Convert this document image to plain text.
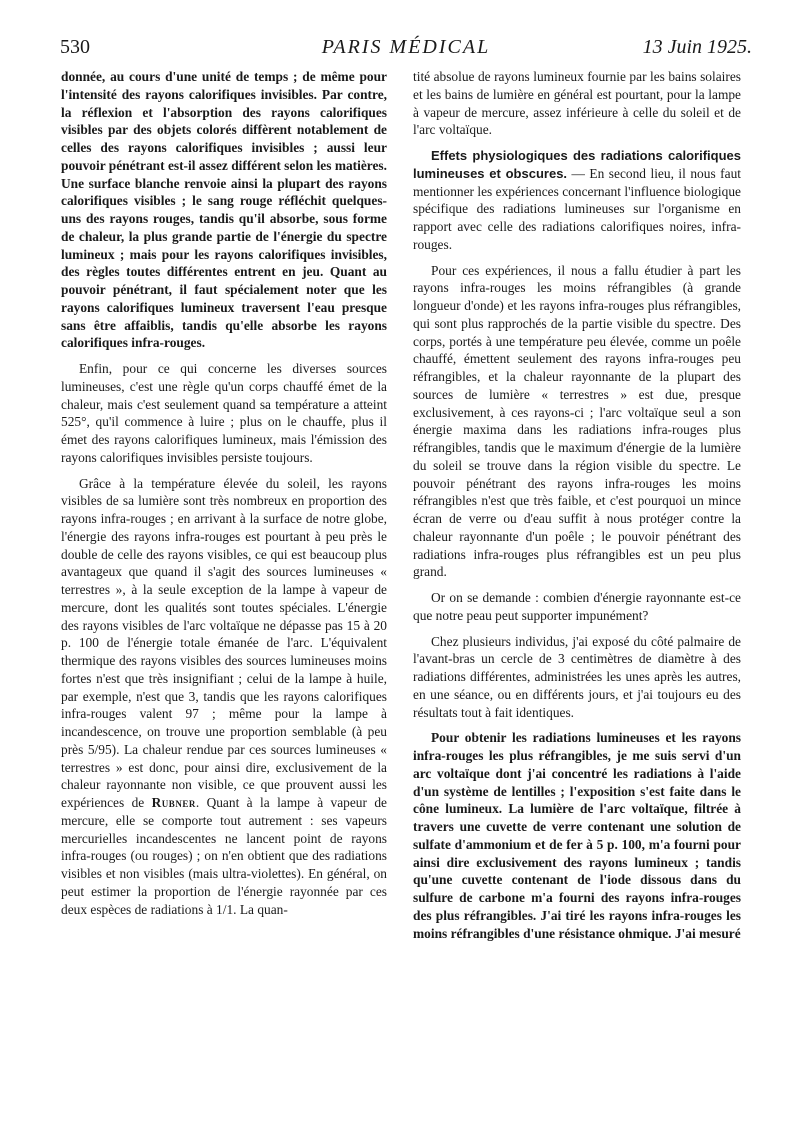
530	PARIS MÉDICAL	13 Juin 1925.

donnée, au cours d'une unité de temps ; de même pour l'intensité des rayons calorifiques invisibles. Par contre, la réflexion et l'absorption des rayons calorifiques visibles par des objets colorés diffèrent notablement de celles des rayons calorifiques invisibles ; aussi leur pouvoir pénétrant est-il assez différent selon les matières. Une surface blanche renvoie ainsi la plupart des rayons calorifiques visibles ; le sang rouge réfléchit quelques-uns des rayons rouges, tandis qu'il absorbe, sous forme de chaleur, la plus grande partie de l'énergie du spectre lumineux ; mais pour les rayons calorifiques invisibles, des règles toutes différentes entrent en jeu. Quant au pouvoir pénétrant, il faut spécialement noter que les rayons calorifiques lumineux traversent l'eau presque sans être affaiblis, tandis qu'elle absorbe les rayons calorifiques infra-rouges.

Enfin, pour ce qui concerne les diverses sources lumineuses, c'est une règle qu'un corps chauffé émet de la chaleur, mais c'est seulement quand sa température a atteint 525°, qu'il commence à luire ; plus on le chauffe, plus il émet des rayons calorifiques lumineux, mais l'émission des rayons calorifiques invisibles persiste toujours.

Grâce à la température élevée du soleil, les rayons visibles de sa lumière sont très nombreux en proportion des rayons infra-rouges ; en arrivant à la surface de notre globe, l'énergie des rayons infra-rouges est pourtant à peu près le double de celle des rayons visibles, ce qui est beaucoup plus avantageux que quand il s'agit des sources lumineuses « terrestres », à la seule exception de la lampe à vapeur de mercure, dont les qualités sont toutes spéciales. L'énergie des rayons visibles de l'arc voltaïque ne dépasse pas 15 à 20 p. 100 de l'énergie totale émanée de l'arc. L'équivalent thermique des rayons visibles des sources lumineuses moins fortes n'est que très insignifiant ; celui de la lampe à huile, par exemple, n'est que 3, tandis que les rayons calorifiques infra-rouges valent 97 ; même pour la lampe à incandescence, on trouve une proportion semblable (à peu près 5/95). La chaleur rendue par ces sources lumineuses « terrestres » est donc, pour ainsi dire, exclusivement de la chaleur rayonnante non visible, ce que prouvent aussi les expériences de Rubner. Quant à la lampe à vapeur de mercure, elle se comporte tout autrement : ses vapeurs mercurielles incandescentes ne lancent point de rayons infra-rouges (ou rouges) ; on n'en obtient que des radiations visibles et non visibles (mais ultra-violettes). En général, on peut estimer la proportion de l'énergie rayonnée par ces deux espèces de radiations à 1/1. La quan-

tité absolue de rayons lumineux fournie par les bains solaires et les bains de lumière en général est pourtant, pour la lampe à vapeur de mercure, assez inférieure à celle du soleil et de l'arc voltaïque.

Effets physiologiques des radiations calorifiques lumineuses et obscures. — En second lieu, il nous faut mentionner les expériences concernant l'influence biologique spécifique des radiations lumineuses sur l'organisme en rapport avec celle des radiations calorifiques noires, infra-rouges.

Pour ces expériences, il nous a fallu étudier à part les rayons infra-rouges les moins réfrangibles (à grande longueur d'onde) et les rayons infra-rouges plus réfrangibles, qui sont plus rapprochés de la partie visible du spectre. Des corps, portés à une température peu élevée, comme un poêle chauffé, émettent seulement des rayons infra-rouges peu réfrangibles, et la chaleur rayonnante de la plupart des sources de lumière « terrestres » est due, presque exclusivement, à ces rayons-ci ; l'arc voltaïque seul a son énergie maxima dans les radiations infra-rouges plus réfrangibles, tandis que le maximum d'énergie de la lumière du soleil se trouve dans la région visible du spectre. Le pouvoir pénétrant des rayons infra-rouges les moins réfrangibles n'est que très faible, et c'est pourquoi un mince écran de verre ou d'eau suffit à nous protéger contre la chaleur rayonnante d'un poêle ; le pouvoir pénétrant des radiations infra-rouges plus réfrangibles est un peu plus grand.

Or on se demande : combien d'énergie rayonnante est-ce que notre peau peut supporter impunément?

Chez plusieurs individus, j'ai exposé du côté palmaire de l'avant-bras un cercle de 3 centimètres de diamètre à des radiations différentes, administrées les unes après les autres, en une séance, ou en différents jours, et j'ai toujours eu des résultats tout à fait identiques.

Pour obtenir les radiations lumineuses et les rayons infra-rouges les plus réfrangibles, je me suis servi d'un arc voltaïque dont j'ai concentré les radiations à l'aide d'un système de lentilles ; l'exposition s'est faite dans le cône lumineux. La lumière de l'arc voltaïque, filtrée à travers une cuvette de verre contenant une solution de sulfate d'ammonium et de fer à 5 p. 100, m'a fourni pour ainsi dire exclusivement des rayons lumineux ; tandis qu'une cuvette contenant de l'iode dissous dans du sulfure de carbone m'a fourni des rayons infra-rouges des plus réfrangibles. J'ai tiré les rayons infra-rouges les moins réfrangibles d'une résistance ohmique. J'ai mesuré
